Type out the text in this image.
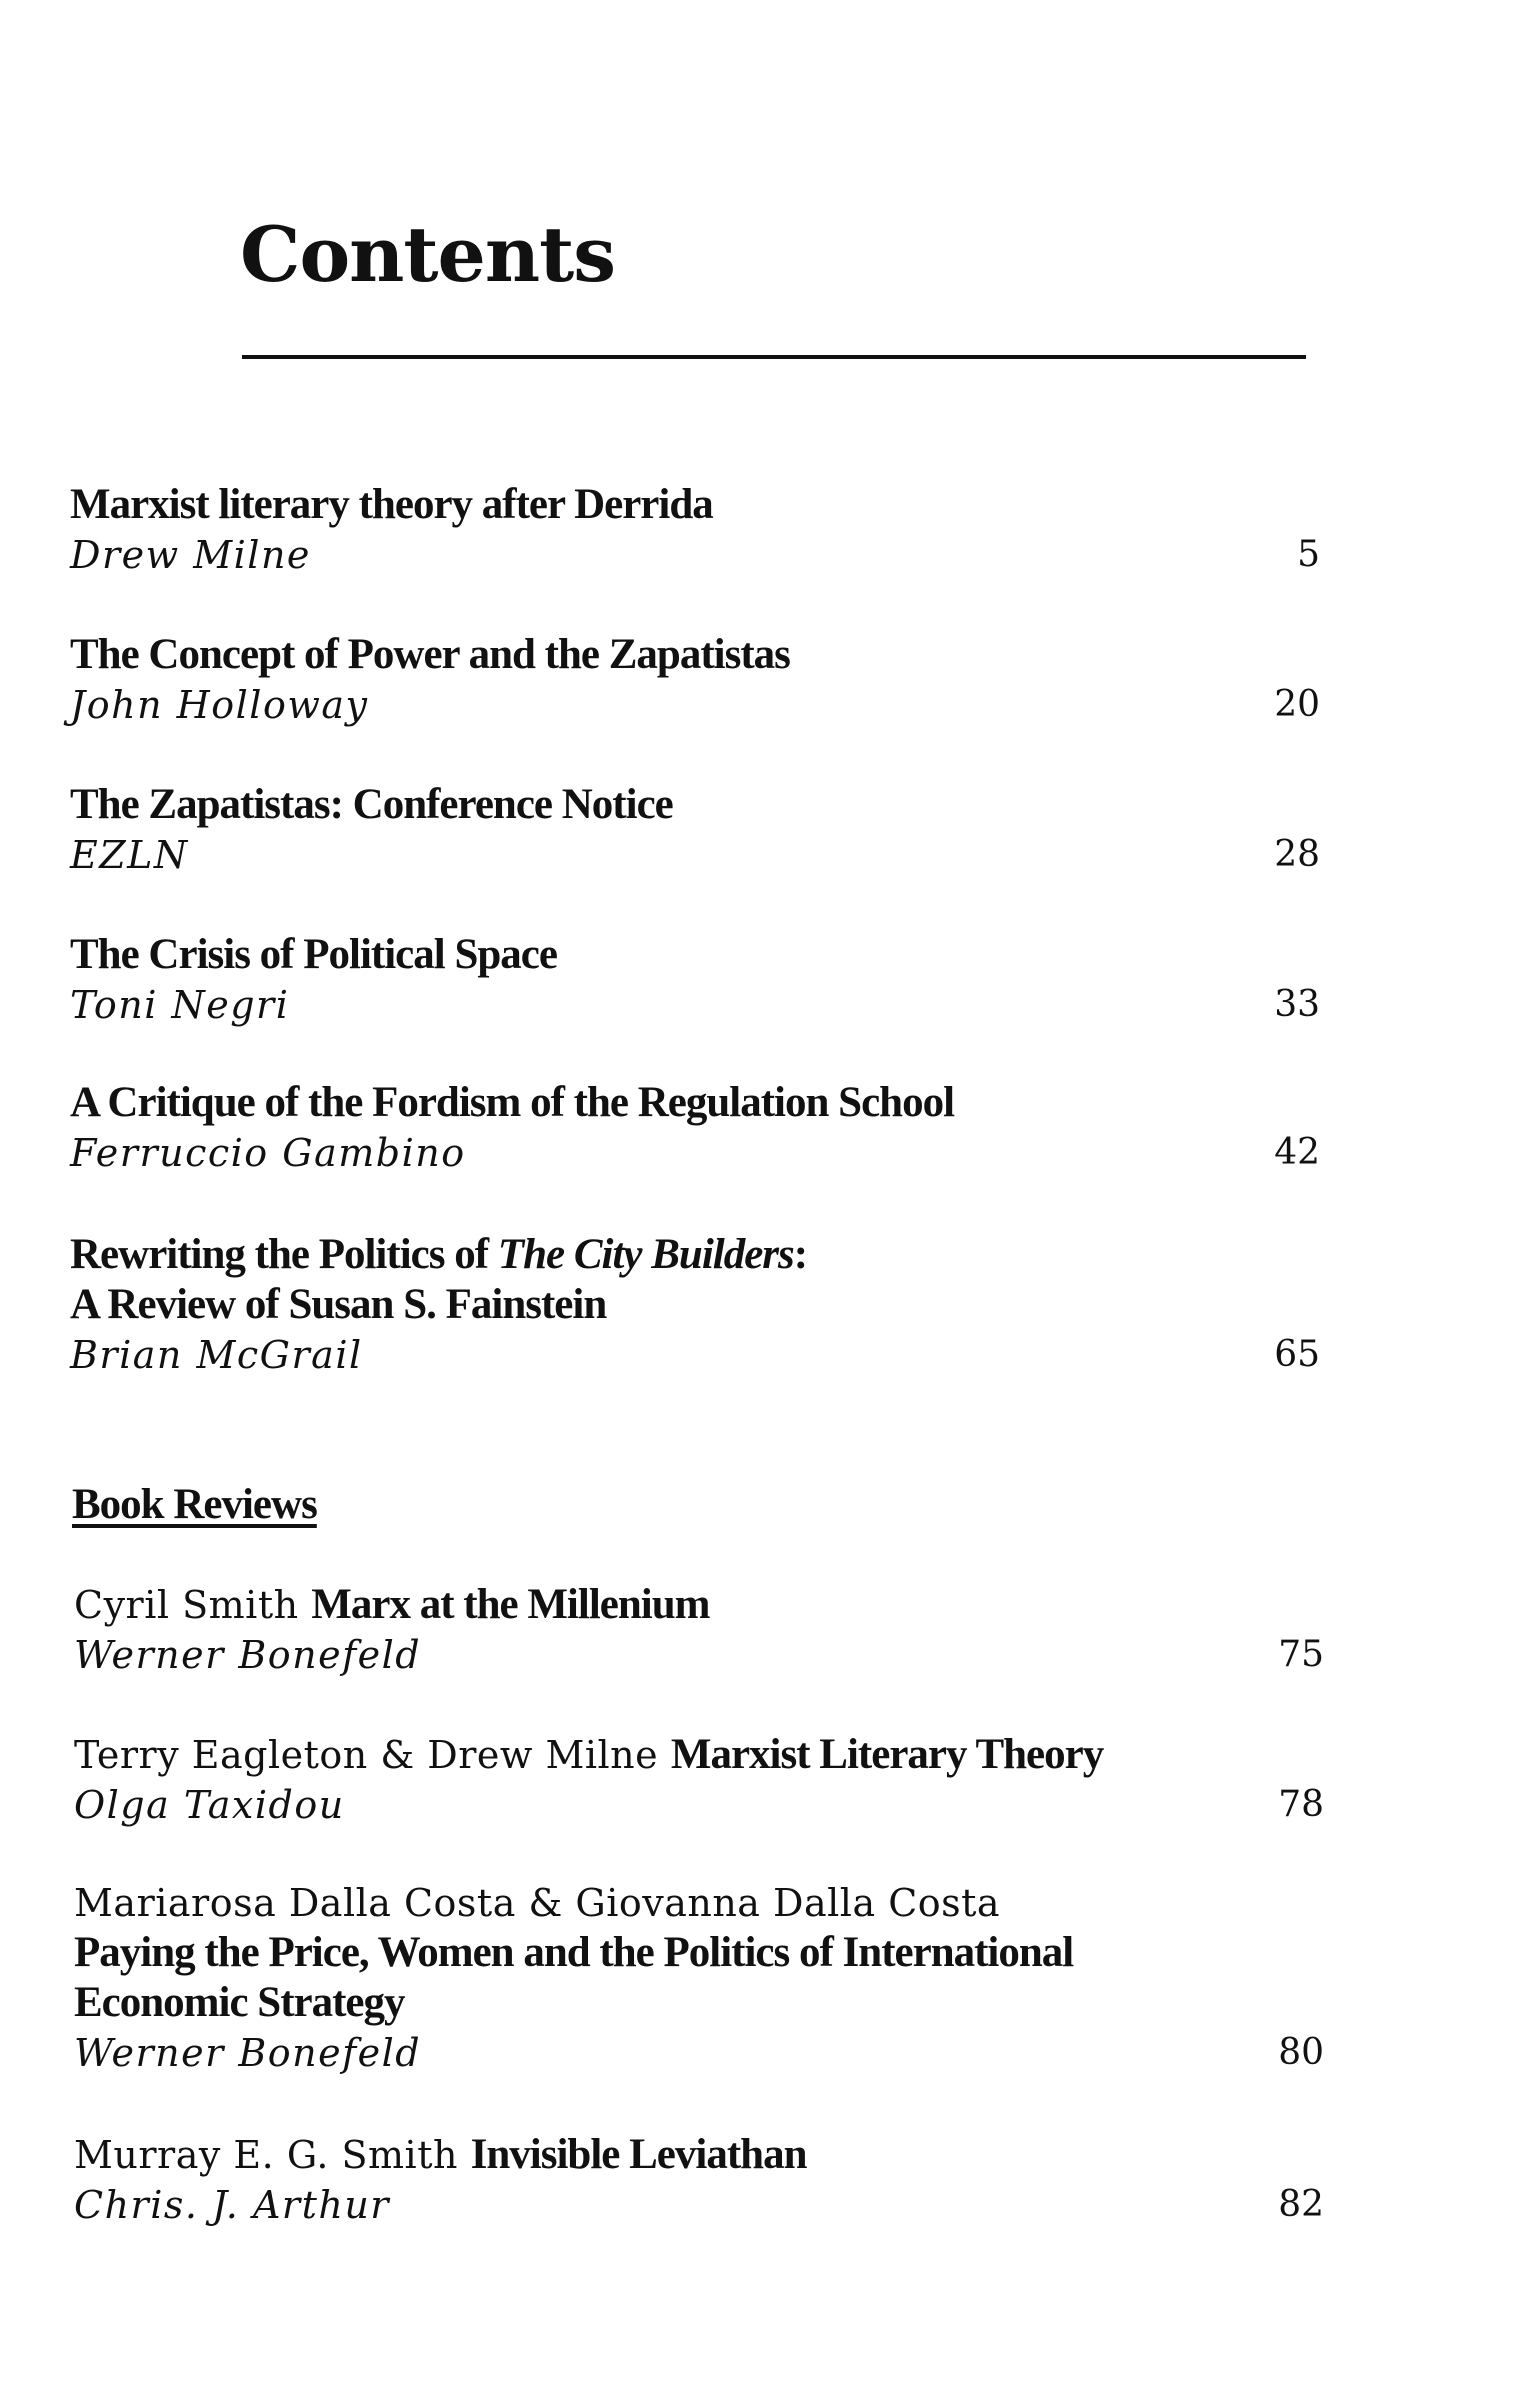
Contents
Marxist literary theory after Derrida
Drew Milne	5
The Concept of Power and the Zapatistas
John Holloway	20
The Zapatistas: Conference Notice
EZLN	28
The Crisis of Political Space
Toni Negri	33
A Critique of the Fordism of the Regulation School
Ferruccio Gambino	42
Rewriting the Politics of The City Builders:
A Review of Susan S. Fainstein
Brian McGrail	65
Book Reviews
Cyril Smith Marx at the Millenium
Werner Bonefeld	75
Terry Eagleton & Drew Milne Marxist Literary Theory
Olga Taxidou	78
Mariarosa Dalla Costa & Giovanna Dalla Costa
Paying the Price, Women and the Politics of International
Economic Strategy
Werner Bonefeld	80
Murray E. G. Smith Invisible Leviathan
Chris. J. Arthur	82
